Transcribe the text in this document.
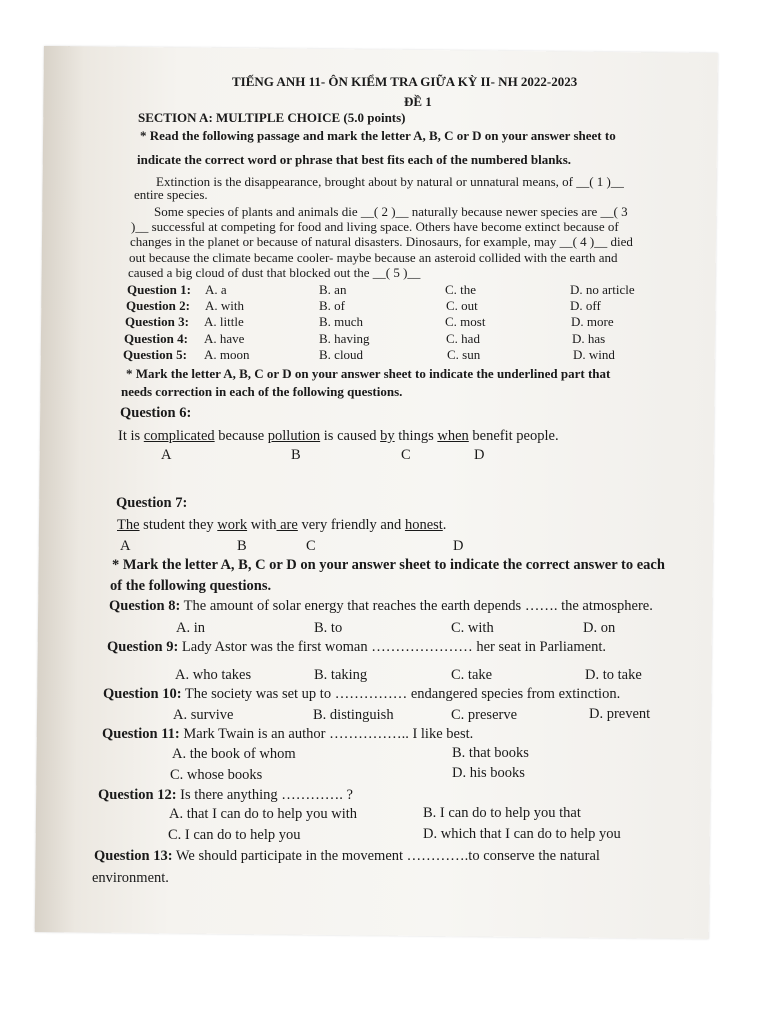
TIẾNG ANH 11- ÔN KIỂM TRA GIỮA KỲ II- NH 2022-2023
ĐỀ 1
SECTION A: MULTIPLE CHOICE (5.0 points)
* Read the following passage and mark the letter A, B, C or D on your answer sheet to
indicate the correct word or phrase that best fits each of the numbered blanks.
Extinction is the disappearance, brought about by natural or unnatural means, of __( 1 )__
entire species.
Some species of plants and animals die __( 2 )__ naturally because newer species are __( 3
)__ successful at competing for food and living space. Others have become extinct because of
changes in the planet or because of natural disasters. Dinosaurs, for example, may __( 4 )__ died
out because the climate became cooler- maybe because an asteroid collided with the earth and
caused a big cloud of dust that blocked out the __( 5 )__
Question 1: A. a	B. an	C. the	D. no article
Question 2: A. with	B. of	C. out	D. off
Question 3: A. little	B. much	C. most	D. more
Question 4: A. have	B. having	C. had	D. has
Question 5: A. moon	B. cloud	C. sun	D. wind
* Mark the letter A, B, C or D on your answer sheet to indicate the underlined part that
needs correction in each of the following questions.
Question 6:
It is complicated because pollution is caused by things when benefit people.
A	B	C	D
Question 7:
The student they work with are very friendly and honest.
A	B	C	D
* Mark the letter A, B, C or D on your answer sheet to indicate the correct answer to each
of the following questions.
Question 8: The amount of solar energy that reaches the earth depends ……. the atmosphere.
A. in	B. to	C. with	D. on
Question 9: Lady Astor was the first woman ………………… her seat in Parliament.
A. who takes	B. taking	C. take	D. to take
Question 10: The society was set up to …………… endangered species from extinction.
A. survive	B. distinguish	C. preserve	D. prevent
Question 11: Mark Twain is an author …………….. I like best.
A. the book of whom	B. that books
C. whose books	D. his books
Question 12: Is there anything …………. ?
A. that I can do to help you with	B. I can do to help you that
C. I can do to help you	D. which that I can do to help you
Question 13: We should participate in the movement ………….to conserve the natural
environment.
